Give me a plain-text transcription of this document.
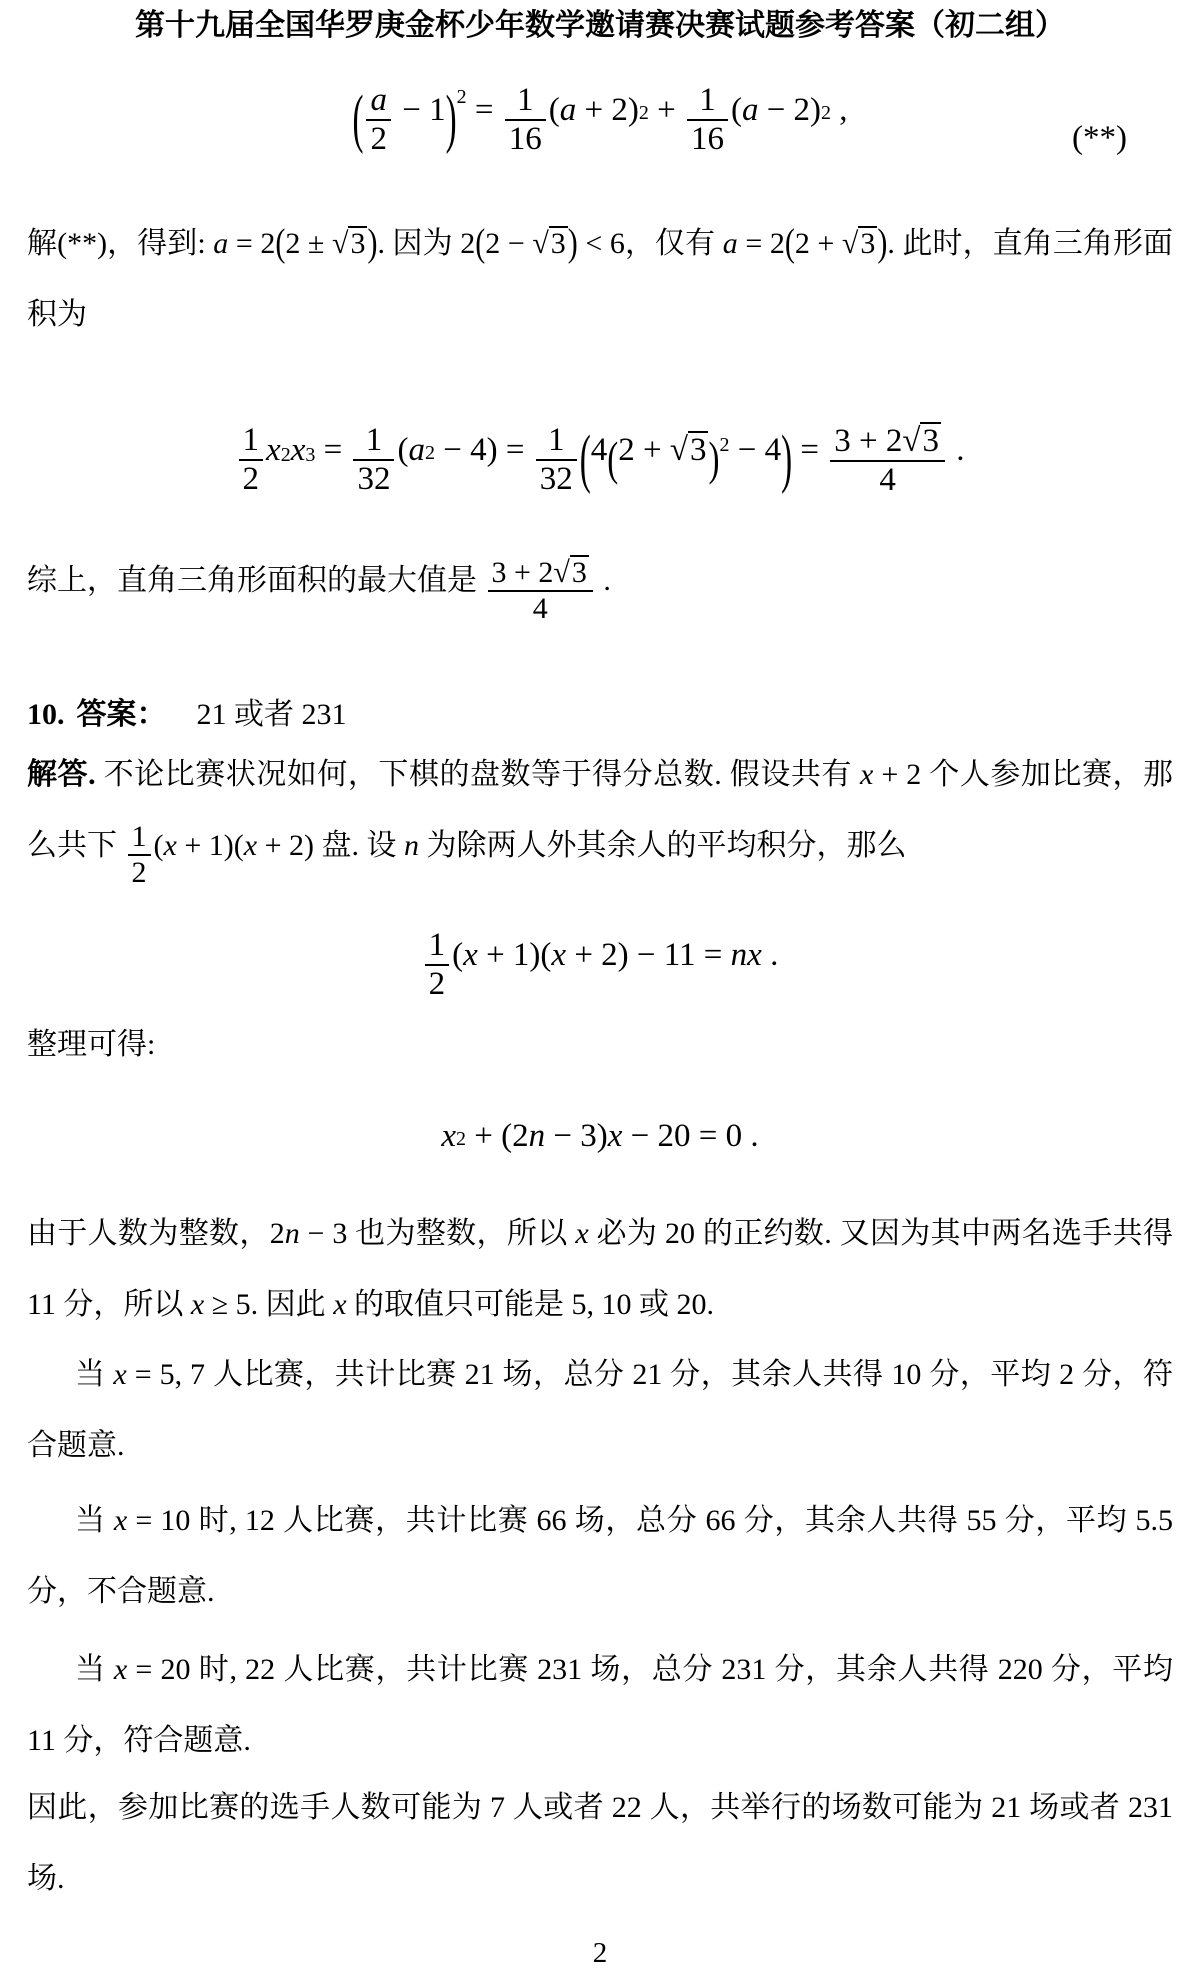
第十九届全国华罗庚金杯少年数学邀请赛决赛试题参考答案（初二组）
( $\frac{a}{2} - 1)2 = \frac{1}{16} (a + 2)2 + \frac{1}{16} (a - 2)2$ ,
(**)
解(**)，得到: a = 2(2 ± √ 3). 因为 2(2 − √ 3) < 6，仅有 a = 2(2 + √ 3). 此时，直角三角形面积为
$\frac{1}{2} x2x3 = \frac{1}{32} (a2 - 4) = \frac{1}{32} (4(2$ + √ $3)2 - 4) = \frac{3 + 2 √ 3}{4}$ .
综上，直角三角形面积的最大值是 $\frac{3 + 2 √ 3}{4}$ .
10. 答案： 21 或者 231
解答. 不论比赛状况如何，下棋的盘数等于得分总数. 假设共有 x + 2 个人参加比赛，那么共下 $\frac{1}{2} (x + 1)(x + 2)$ 盘. 设 n 为除两人外其余人的平均积分，那么
$\frac{1}{2} (x + 1)(x + 2) - 11$ = nx .
整理可得:
x2 + (2n − 3)x − 20 = 0 .
由于人数为整数，2n − 3 也为整数，所以 x 必为 20 的正约数. 又因为其中两名选手共得 11 分，所以 x ≥ 5. 因此 x 的取值只可能是 5, 10 或 20.
当 x = 5, 7 人比赛，共计比赛 21 场，总分 21 分，其余人共得 10 分，平均 2 分，符合题意.
当 x = 10 时, 12 人比赛，共计比赛 66 场，总分 66 分，其余人共得 55 分，平均 5.5 分，不合题意.
当 x = 20 时, 22 人比赛，共计比赛 231 场，总分 231 分，其余人共得 220 分，平均 11 分，符合题意.
因此，参加比赛的选手人数可能为 7 人或者 22 人，共举行的场数可能为 21 场或者 231 场.
2
